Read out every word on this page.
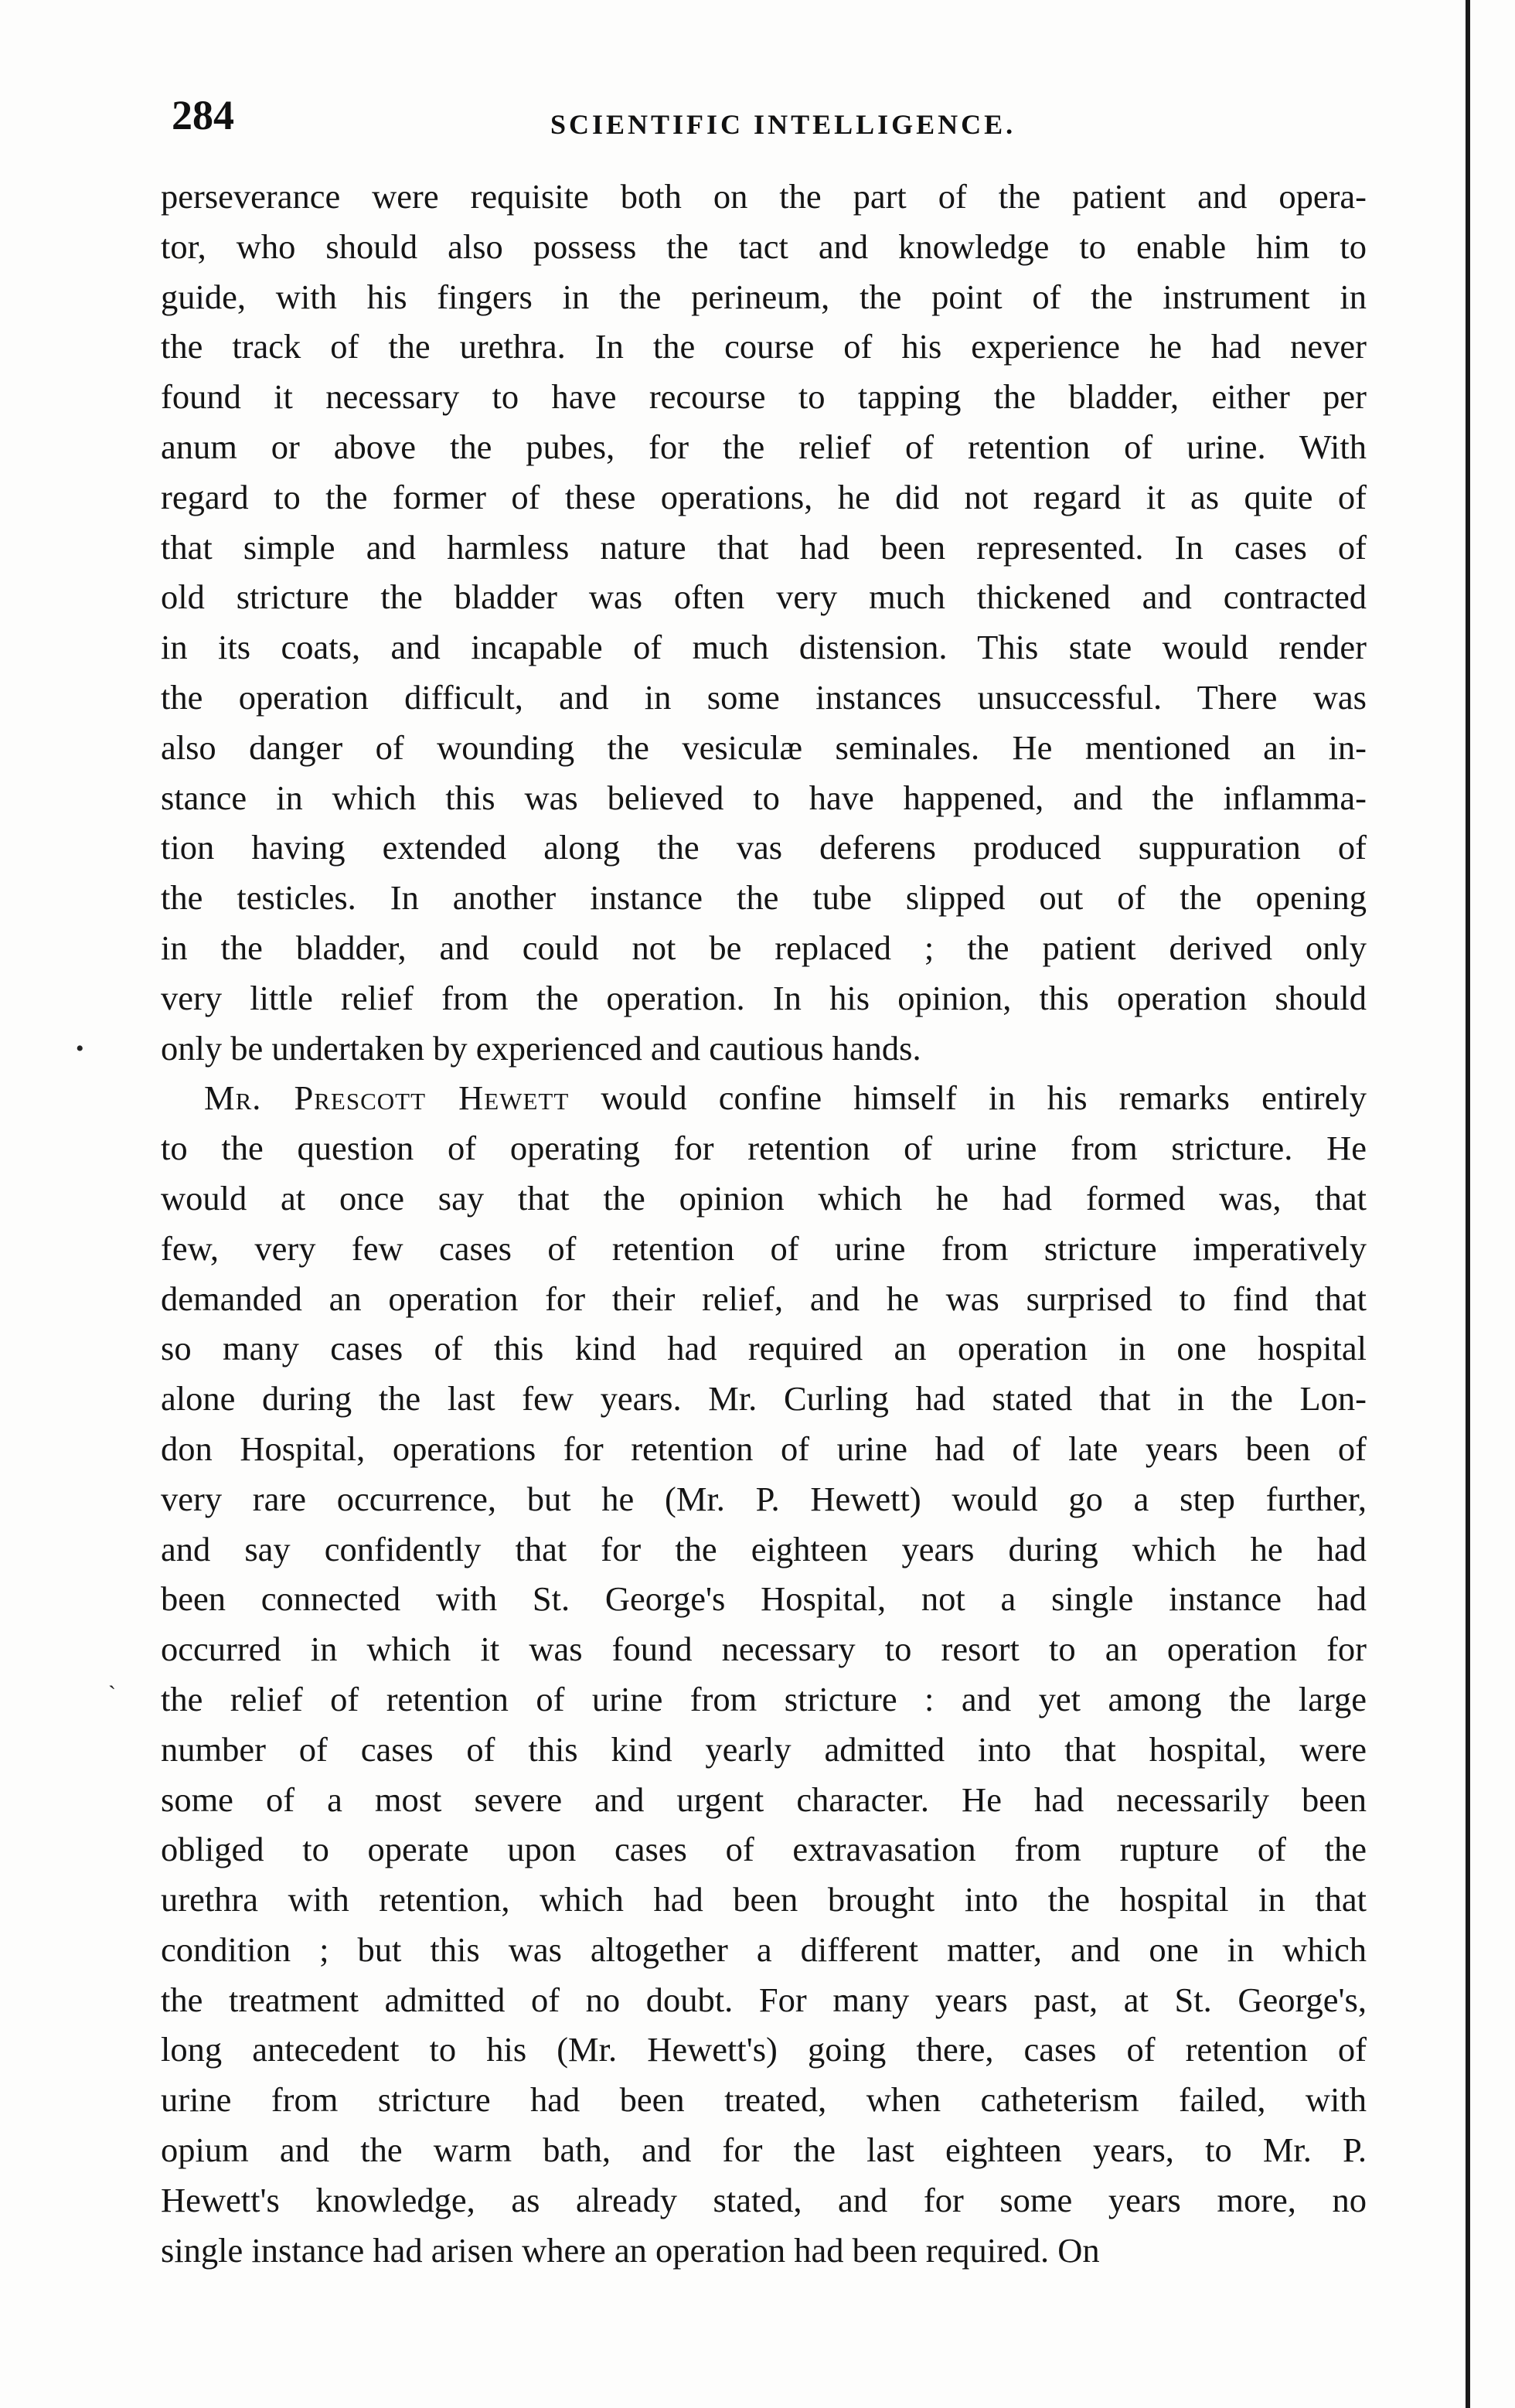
284	SCIENTIFIC INTELLIGENCE.
perseverance were requisite both on the part of the patient and opera-
tor, who should also possess the tact and knowledge to enable him to
guide, with his fingers in the perineum, the point of the instrument in
the track of the urethra. In the course of his experience he had never
found it necessary to have recourse to tapping the bladder, either per
anum or above the pubes, for the relief of retention of urine. With
regard to the former of these operations, he did not regard it as quite of
that simple and harmless nature that had been represented. In cases of
old stricture the bladder was often very much thickened and contracted
in its coats, and incapable of much distension. This state would render
the operation difficult, and in some instances unsuccessful. There was
also danger of wounding the vesiculæ seminales. He mentioned an in-
stance in which this was believed to have happened, and the inflamma-
tion having extended along the vas deferens produced suppuration of
the testicles. In another instance the tube slipped out of the opening
in the bladder, and could not be replaced ; the patient derived only
very little relief from the operation. In his opinion, this operation should
only be undertaken by experienced and cautious hands.
Mr. Prescott Hewett would confine himself in his remarks entirely
to the question of operating for retention of urine from stricture. He
would at once say that the opinion which he had formed was, that
few, very few cases of retention of urine from stricture imperatively
demanded an operation for their relief, and he was surprised to find that
so many cases of this kind had required an operation in one hospital
alone during the last few years. Mr. Curling had stated that in the Lon-
don Hospital, operations for retention of urine had of late years been of
very rare occurrence, but he (Mr. P. Hewett) would go a step further,
and say confidently that for the eighteen years during which he had
been connected with St. George's Hospital, not a single instance had
occurred in which it was found necessary to resort to an operation for
the relief of retention of urine from stricture : and yet among the large
number of cases of this kind yearly admitted into that hospital, were
some of a most severe and urgent character. He had necessarily been
obliged to operate upon cases of extravasation from rupture of the
urethra with retention, which had been brought into the hospital in that
condition ; but this was altogether a different matter, and one in which
the treatment admitted of no doubt. For many years past, at St. George's,
long antecedent to his (Mr. Hewett's) going there, cases of retention of
urine from stricture had been treated, when catheterism failed, with
opium and the warm bath, and for the last eighteen years, to Mr. P.
Hewett's knowledge, as already stated, and for some years more, no
single instance had arisen where an operation had been required. On
•
ˋ
